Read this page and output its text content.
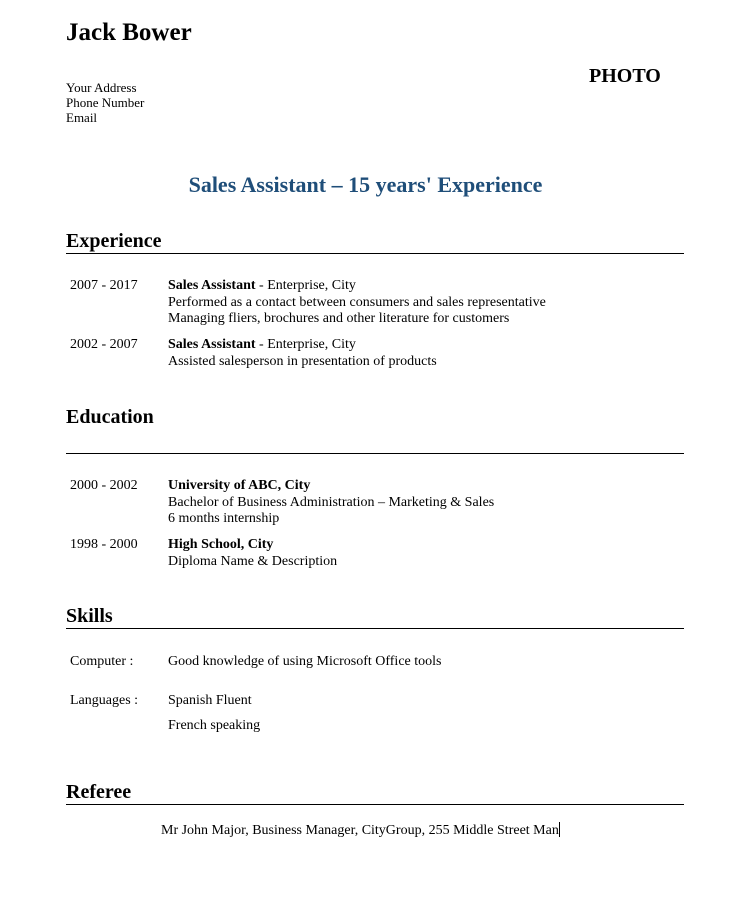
Jack Bower
PHOTO
Your Address
Phone Number
Email
Sales Assistant – 15 years' Experience
Experience
2007 - 2017 Sales Assistant - Enterprise, City
Performed as a contact between consumers and sales representative
Managing fliers, brochures and other literature for customers
2002 - 2007 Sales Assistant - Enterprise, City
Assisted salesperson in presentation of products
Education
2000 - 2002 University of ABC, City
Bachelor of Business Administration – Marketing & Sales
6 months internship
1998 - 2000 High School, City
Diploma Name & Description
Skills
Computer : Good knowledge of using Microsoft Office tools
Languages : Spanish Fluent
French speaking
Referee
Mr John Major, Business Manager, CityGroup, 255 Middle Street Man
